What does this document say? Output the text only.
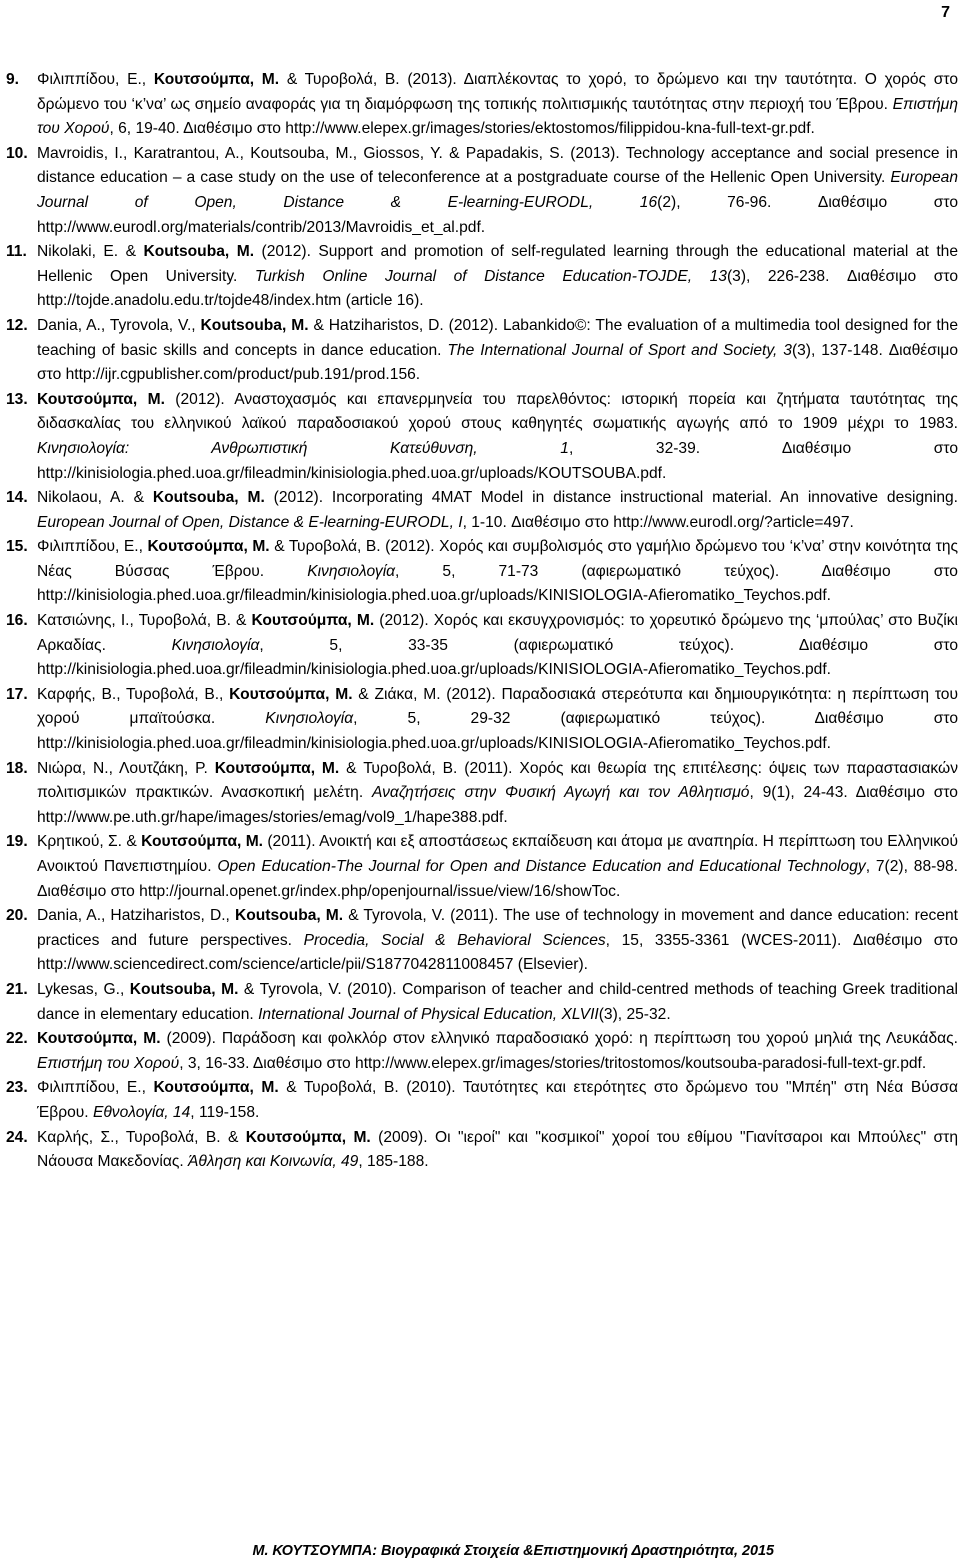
7
9.	Φιλιππίδου, Ε., Κουτσούμπα, Μ. & Τυροβολά, Β. (2013). Διαπλέκοντας το χορό, το δρώμενο και την ταυτότητα. Ο χορός στο δρώμενο του ‘κ’να’ ως σημείο αναφοράς για τη διαμόρφωση της τοπικής πολιτισμικής ταυτότητας στην περιοχή του Έβρου. Επιστήμη του Χορού, 6, 19-40. Διαθέσιμο στο http://www.elepex.gr/images/stories/ektostomos/filippidou-kna-full-text-gr.pdf.
10. Mavroidis, I., Karatrantou, A., Koutsouba, M., Giossos, Y. & Papadakis, S. (2013). Technology acceptance and social presence in distance education – a case study on the use of teleconference at a postgraduate course of the Hellenic Open University. European Journal of Open, Distance & E-learning-EURODL, 16(2), 76-96. Διαθέσιμο στο http://www.eurodl.org/materials/contrib/2013/Mavroidis_et_al.pdf.
11. Nikolaki, E. & Koutsouba, M. (2012). Support and promotion of self-regulated learning through the educational material at the Hellenic Open University. Turkish Online Journal of Distance Education-TOJDE, 13(3), 226-238. Διαθέσιμο στο http://tojde.anadolu.edu.tr/tojde48/index.htm (article 16).
12. Dania, A., Tyrovola, V., Koutsouba, M. & Hatziharistos, D. (2012). Labankido©: The evaluation of a multimedia tool designed for the teaching of basic skills and concepts in dance education. The International Journal of Sport and Society, 3(3), 137-148. Διαθέσιμο στο http://ijr.cgpublisher.com/product/pub.191/prod.156.
13. Κουτσούμπα, Μ. (2012). Αναστοχασμός και επανερμηνεία του παρελθόντος: ιστορική πορεία και ζητήματα ταυτότητας της διδασκαλίας του ελληνικού λαϊκού παραδοσιακού χορού στους καθηγητές σωματικής αγωγής από το 1909 μέχρι το 1983. Κινησιολογία: Ανθρωπιστική Κατεύθυνση, 1, 32-39. Διαθέσιμο στο http://kinisiologia.phed.uoa.gr/fileadmin/kinisiologia.phed.uoa.gr/uploads/KOUTSOUBA.pdf.
14. Nikolaou, A. & Koutsouba, M. (2012). Incorporating 4MAT Model in distance instructional material. An innovative designing. European Journal of Open, Distance & E-learning-EURODL, I, 1-10. Διαθέσιμο στο http://www.eurodl.org/?article=497.
15. Φιλιππίδου, Ε., Κουτσούμπα, Μ. & Τυροβολά, Β. (2012). Χορός και συμβολισμός στο γαμήλιο δρώμενο του ‘κ’να’ στην κοινότητα της Νέας Βύσσας Έβρου. Κινησιολογία, 5, 71-73 (αφιερωματικό τεύχος). Διαθέσιμο στο http://kinisiologia.phed.uoa.gr/fileadmin/kinisiologia.phed.uoa.gr/uploads/KINISIOLOGIA-Afieromatiko_Teychos.pdf.
16. Κατσιώνης, Ι., Τυροβολά, Β. & Κουτσούμπα, Μ. (2012). Χορός και εκσυγχρονισμός: το χορευτικό δρώμενο της ‘μπούλας’ στο Βυζίκι Αρκαδίας. Κινησιολογία, 5, 33-35 (αφιερωματικό τεύχος). Διαθέσιμο στο http://kinisiologia.phed.uoa.gr/fileadmin/kinisiologia.phed.uoa.gr/uploads/KINISIOLOGIA-Afieromatiko_Teychos.pdf.
17. Καρφής, Β., Τυροβολά, Β., Κουτσούμπα, Μ. & Ζιάκα, Μ. (2012). Παραδοσιακά στερεότυπα και δημιουργικότητα: η περίπτωση του χορού μπαϊτούσκα. Κινησιολογία, 5, 29-32 (αφιερωματικό τεύχος). Διαθέσιμο στο http://kinisiologia.phed.uoa.gr/fileadmin/kinisiologia.phed.uoa.gr/uploads/KINISIOLOGIA-Afieromatiko_Teychos.pdf.
18. Νιώρα, Ν., Λουτζάκη, Ρ. Κουτσούμπα, Μ. & Τυροβολά, Β. (2011). Χορός και θεωρία της επιτέλεσης: όψεις των παραστασιακών πολιτισμικών πρακτικών. Ανασκοπική μελέτη. Αναζητήσεις στην Φυσική Αγωγή και τον Αθλητισμό, 9(1), 24-43. Διαθέσιμο στο http://www.pe.uth.gr/hape/images/stories/emag/vol9_1/hape388.pdf.
19. Κρητικού, Σ. & Κουτσούμπα, Μ. (2011). Ανοικτή και εξ αποστάσεως εκπαίδευση και άτομα με αναπηρία. Η περίπτωση του Ελληνικού Ανοικτού Πανεπιστημίου. Open Education-The Journal for Open and Distance Education and Educational Technology, 7(2), 88-98. Διαθέσιμο στο http://journal.openet.gr/index.php/openjournal/issue/view/16/showToc.
20. Dania, A., Hatziharistos, D., Koutsouba, M. & Tyrovola, V. (2011). The use of technology in movement and dance education: recent practices and future perspectives. Procedia, Social & Behavioral Sciences, 15, 3355-3361 (WCES-2011). Διαθέσιμο στο http://www.sciencedirect.com/science/article/pii/S1877042811008457 (Elsevier).
21. Lykesas, G., Koutsouba, M. & Tyrovola, V. (2010). Comparison of teacher and child-centred methods of teaching Greek traditional dance in elementary education. International Journal of Physical Education, XLVII(3), 25-32.
22. Κουτσούμπα, Μ. (2009). Παράδοση και φολκλόρ στον ελληνικό παραδοσιακό χορό: η περίπτωση του χορού μηλιά της Λευκάδας. Επιστήμη του Χορού, 3, 16-33. Διαθέσιμο στο http://www.elepex.gr/images/stories/tritostomos/koutsouba-paradosi-full-text-gr.pdf.
23. Φιλιππίδου, Ε., Κουτσούμπα, Μ. & Τυροβολά, Β. (2010). Ταυτότητες και ετερότητες στο δρώμενο του "Μπέη" στη Νέα Βύσσα Έβρου. Εθνολογία, 14, 119-158.
24. Καρλής, Σ., Τυροβολά, Β. & Κουτσούμπα, Μ. (2009). Οι "ιεροί" και "κοσμικοί" χοροί του εθίμου "Γιανίτσαροι και Μπούλες" στη Νάουσα Μακεδονίας. Άθληση και Κοινωνία, 49, 185-188.
Μ. ΚΟΥΤΣΟΥΜΠΑ: Βιογραφικά Στοιχεία &Επιστημονική Δραστηριότητα, 2015
